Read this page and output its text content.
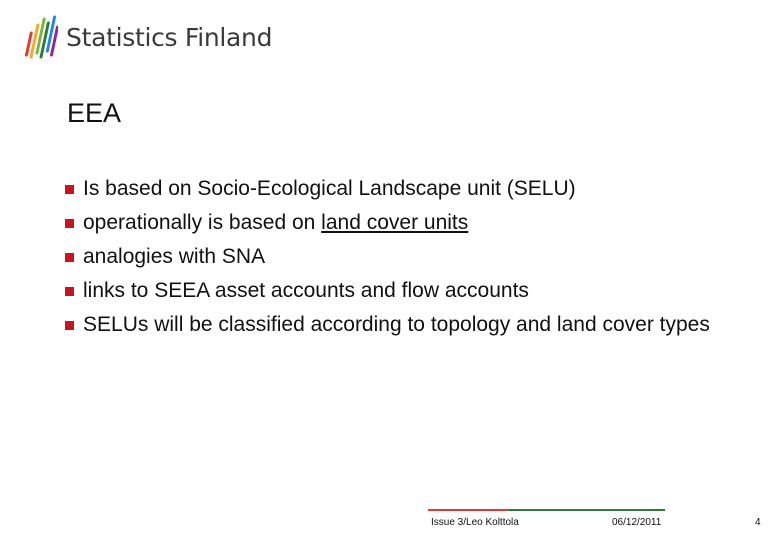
Statistics Finland
EEA
Is based on Socio-Ecological Landscape unit (SELU)
operationally is based on land cover units
analogies with SNA
links to SEEA asset accounts and flow accounts
SELUs will be classified according to topology and land cover types
Issue 3/Leo Kolttola	06/12/2011	4
